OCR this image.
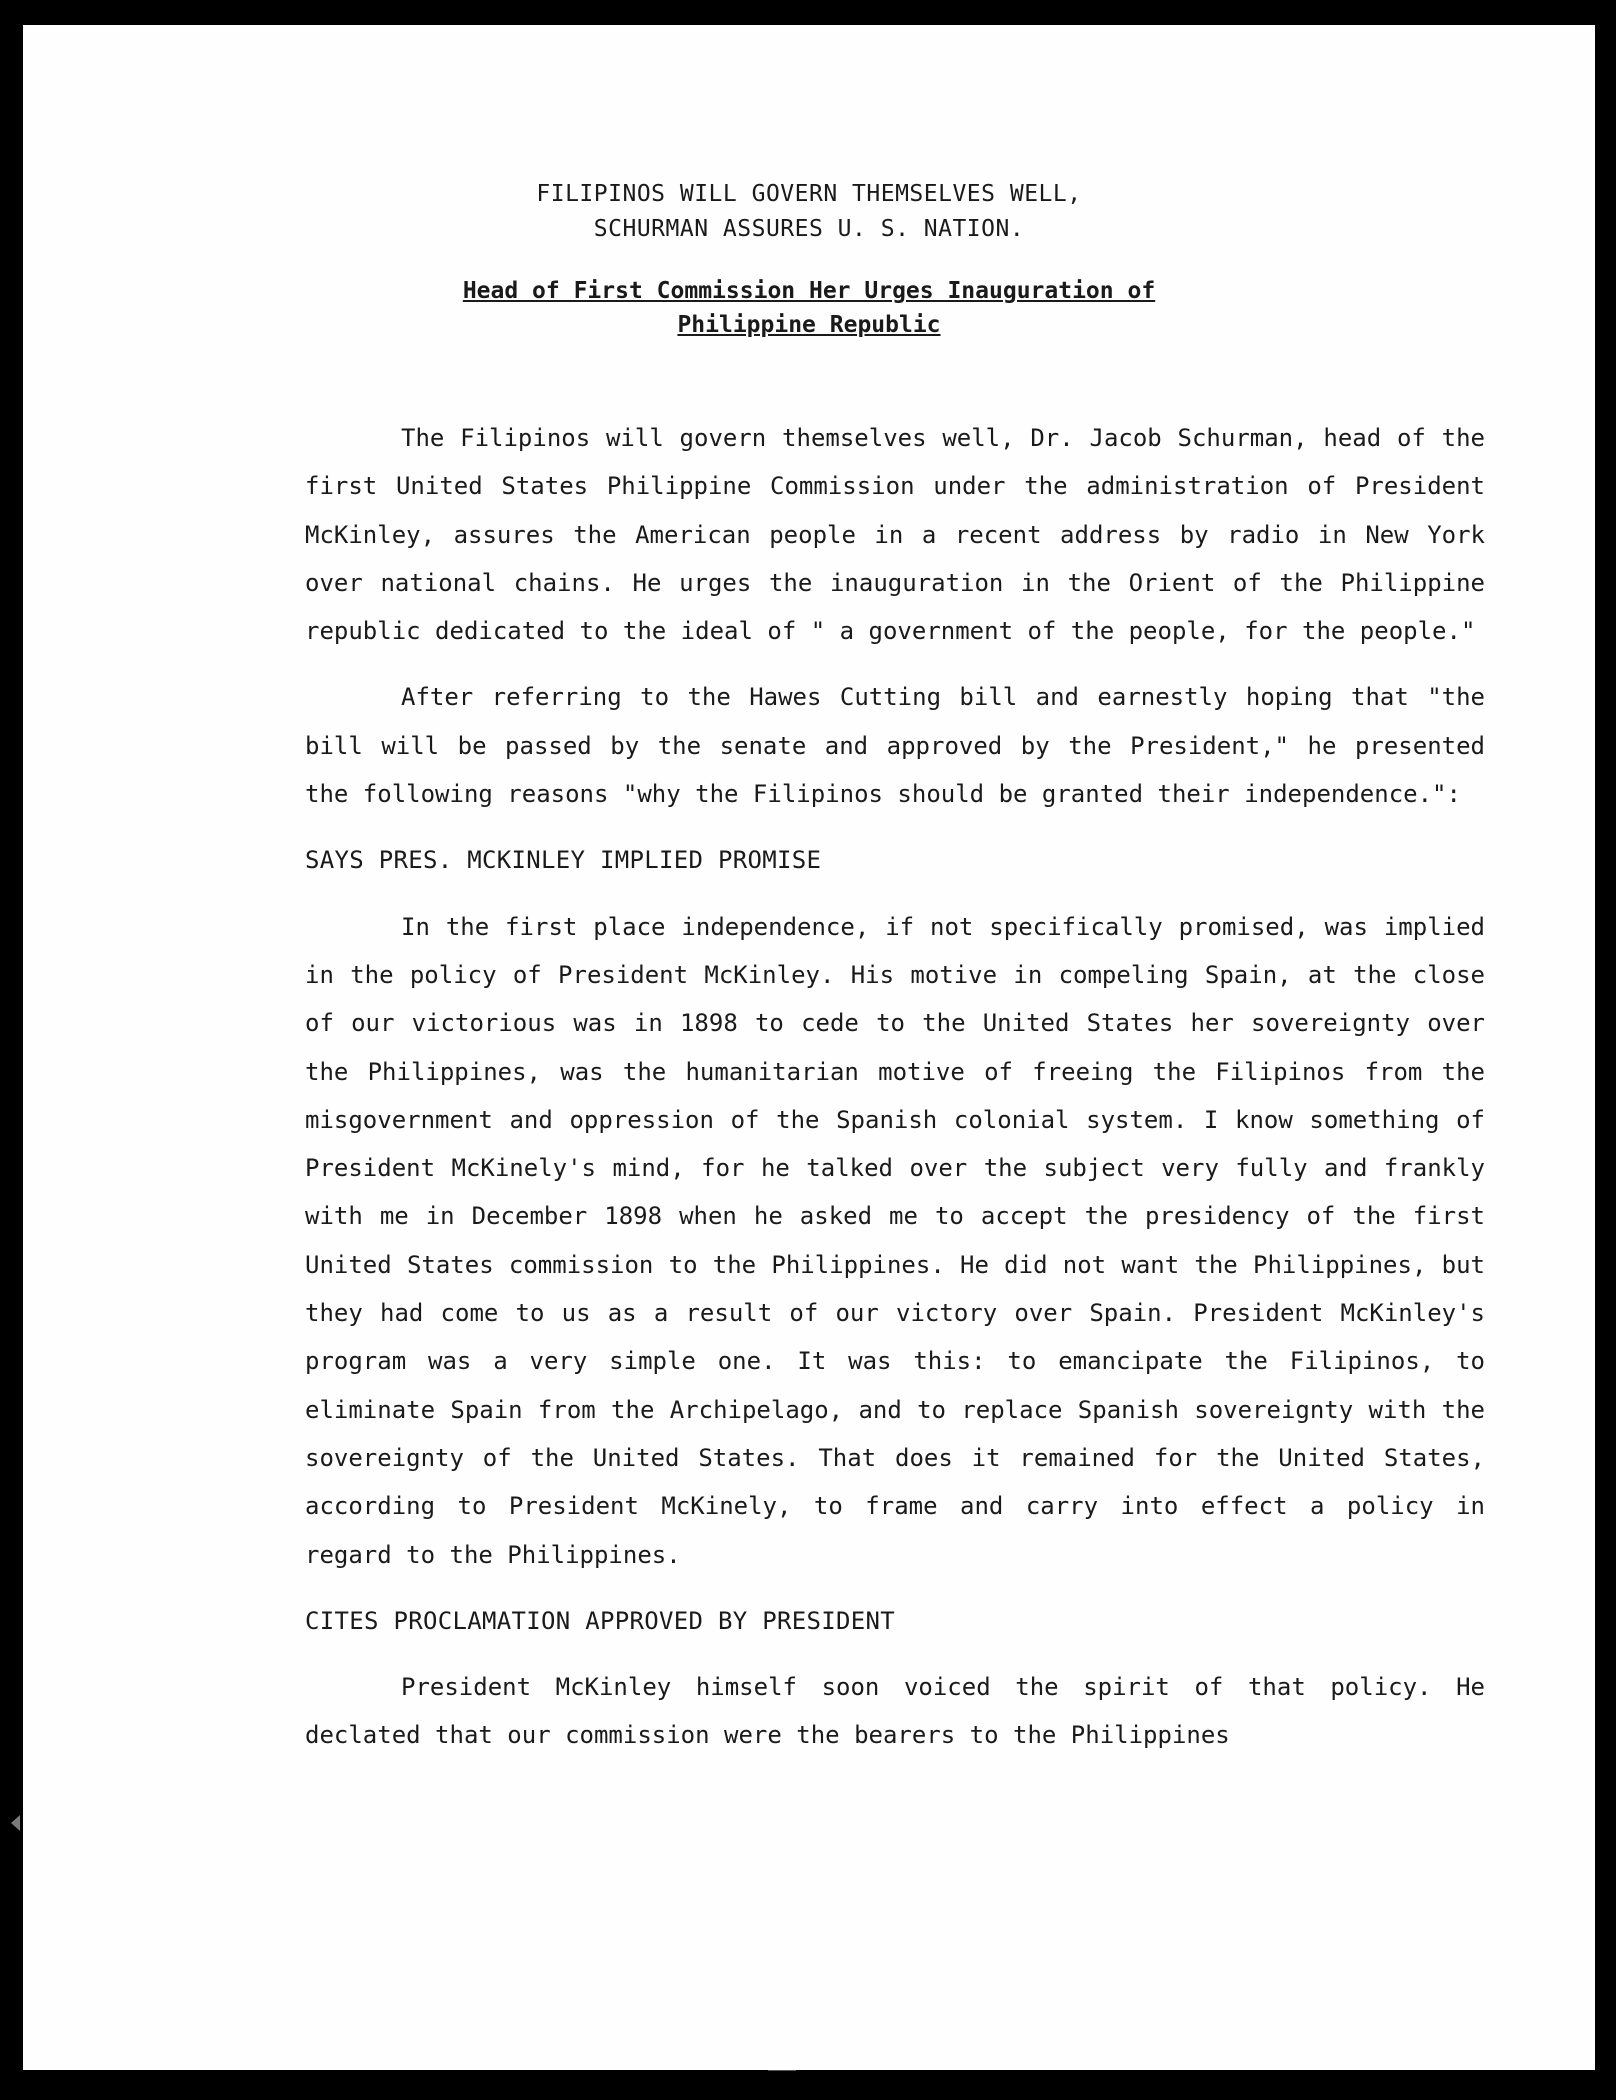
FILIPINOS WILL GOVERN THEMSELVES WELL,
SCHURMAN ASSURES U. S. NATION.
Head of First Commission Her Urges Inauguration of
Philippine Republic

The Filipinos will govern themselves well, Dr. Jacob Schurman, head of the first United States Philippine Commission under the administration of President McKinley, assures the American people in a recent address by radio in New York over national chains. He urges the inauguration in the Orient of the Philippine republic dedicated to the ideal of " a government of the people, for the people."

After referring to the Hawes Cutting bill and earnestly hoping that "the bill will be passed by the senate and approved by the President," he presented the following reasons "why the Filipinos should be granted their independence.":

SAYS PRES. MCKINLEY IMPLIED PROMISE

In the first place independence, if not specifically promised, was implied in the policy of President McKinley. His motive in compeling Spain, at the close of our victorious was in 1898 to cede to the United States her sovereignty over the Philippines, was the humanitarian motive of freeing the Filipinos from the misgovernment and oppression of the Spanish colonial system. I know something of President McKinely's mind, for he talked over the subject very fully and frankly with me in December 1898 when he asked me to accept the presidency of the first United States commission to the Philippines. He did not want the Philippines, but they had come to us as a result of our victory over Spain. President McKinley's program was a very simple one. It was this: to emancipate the Filipinos, to eliminate Spain from the Archipelago, and to replace Spanish sovereignty with the sovereignty of the United States. That does it remained for the United States, according to President McKinely, to frame and carry into effect a policy in regard to the Philippines.

CITES PROCLAMATION APPROVED BY PRESIDENT

President McKinley himself soon voiced the spirit of that policy. He declated that our commission were the bearers to the Philippines
